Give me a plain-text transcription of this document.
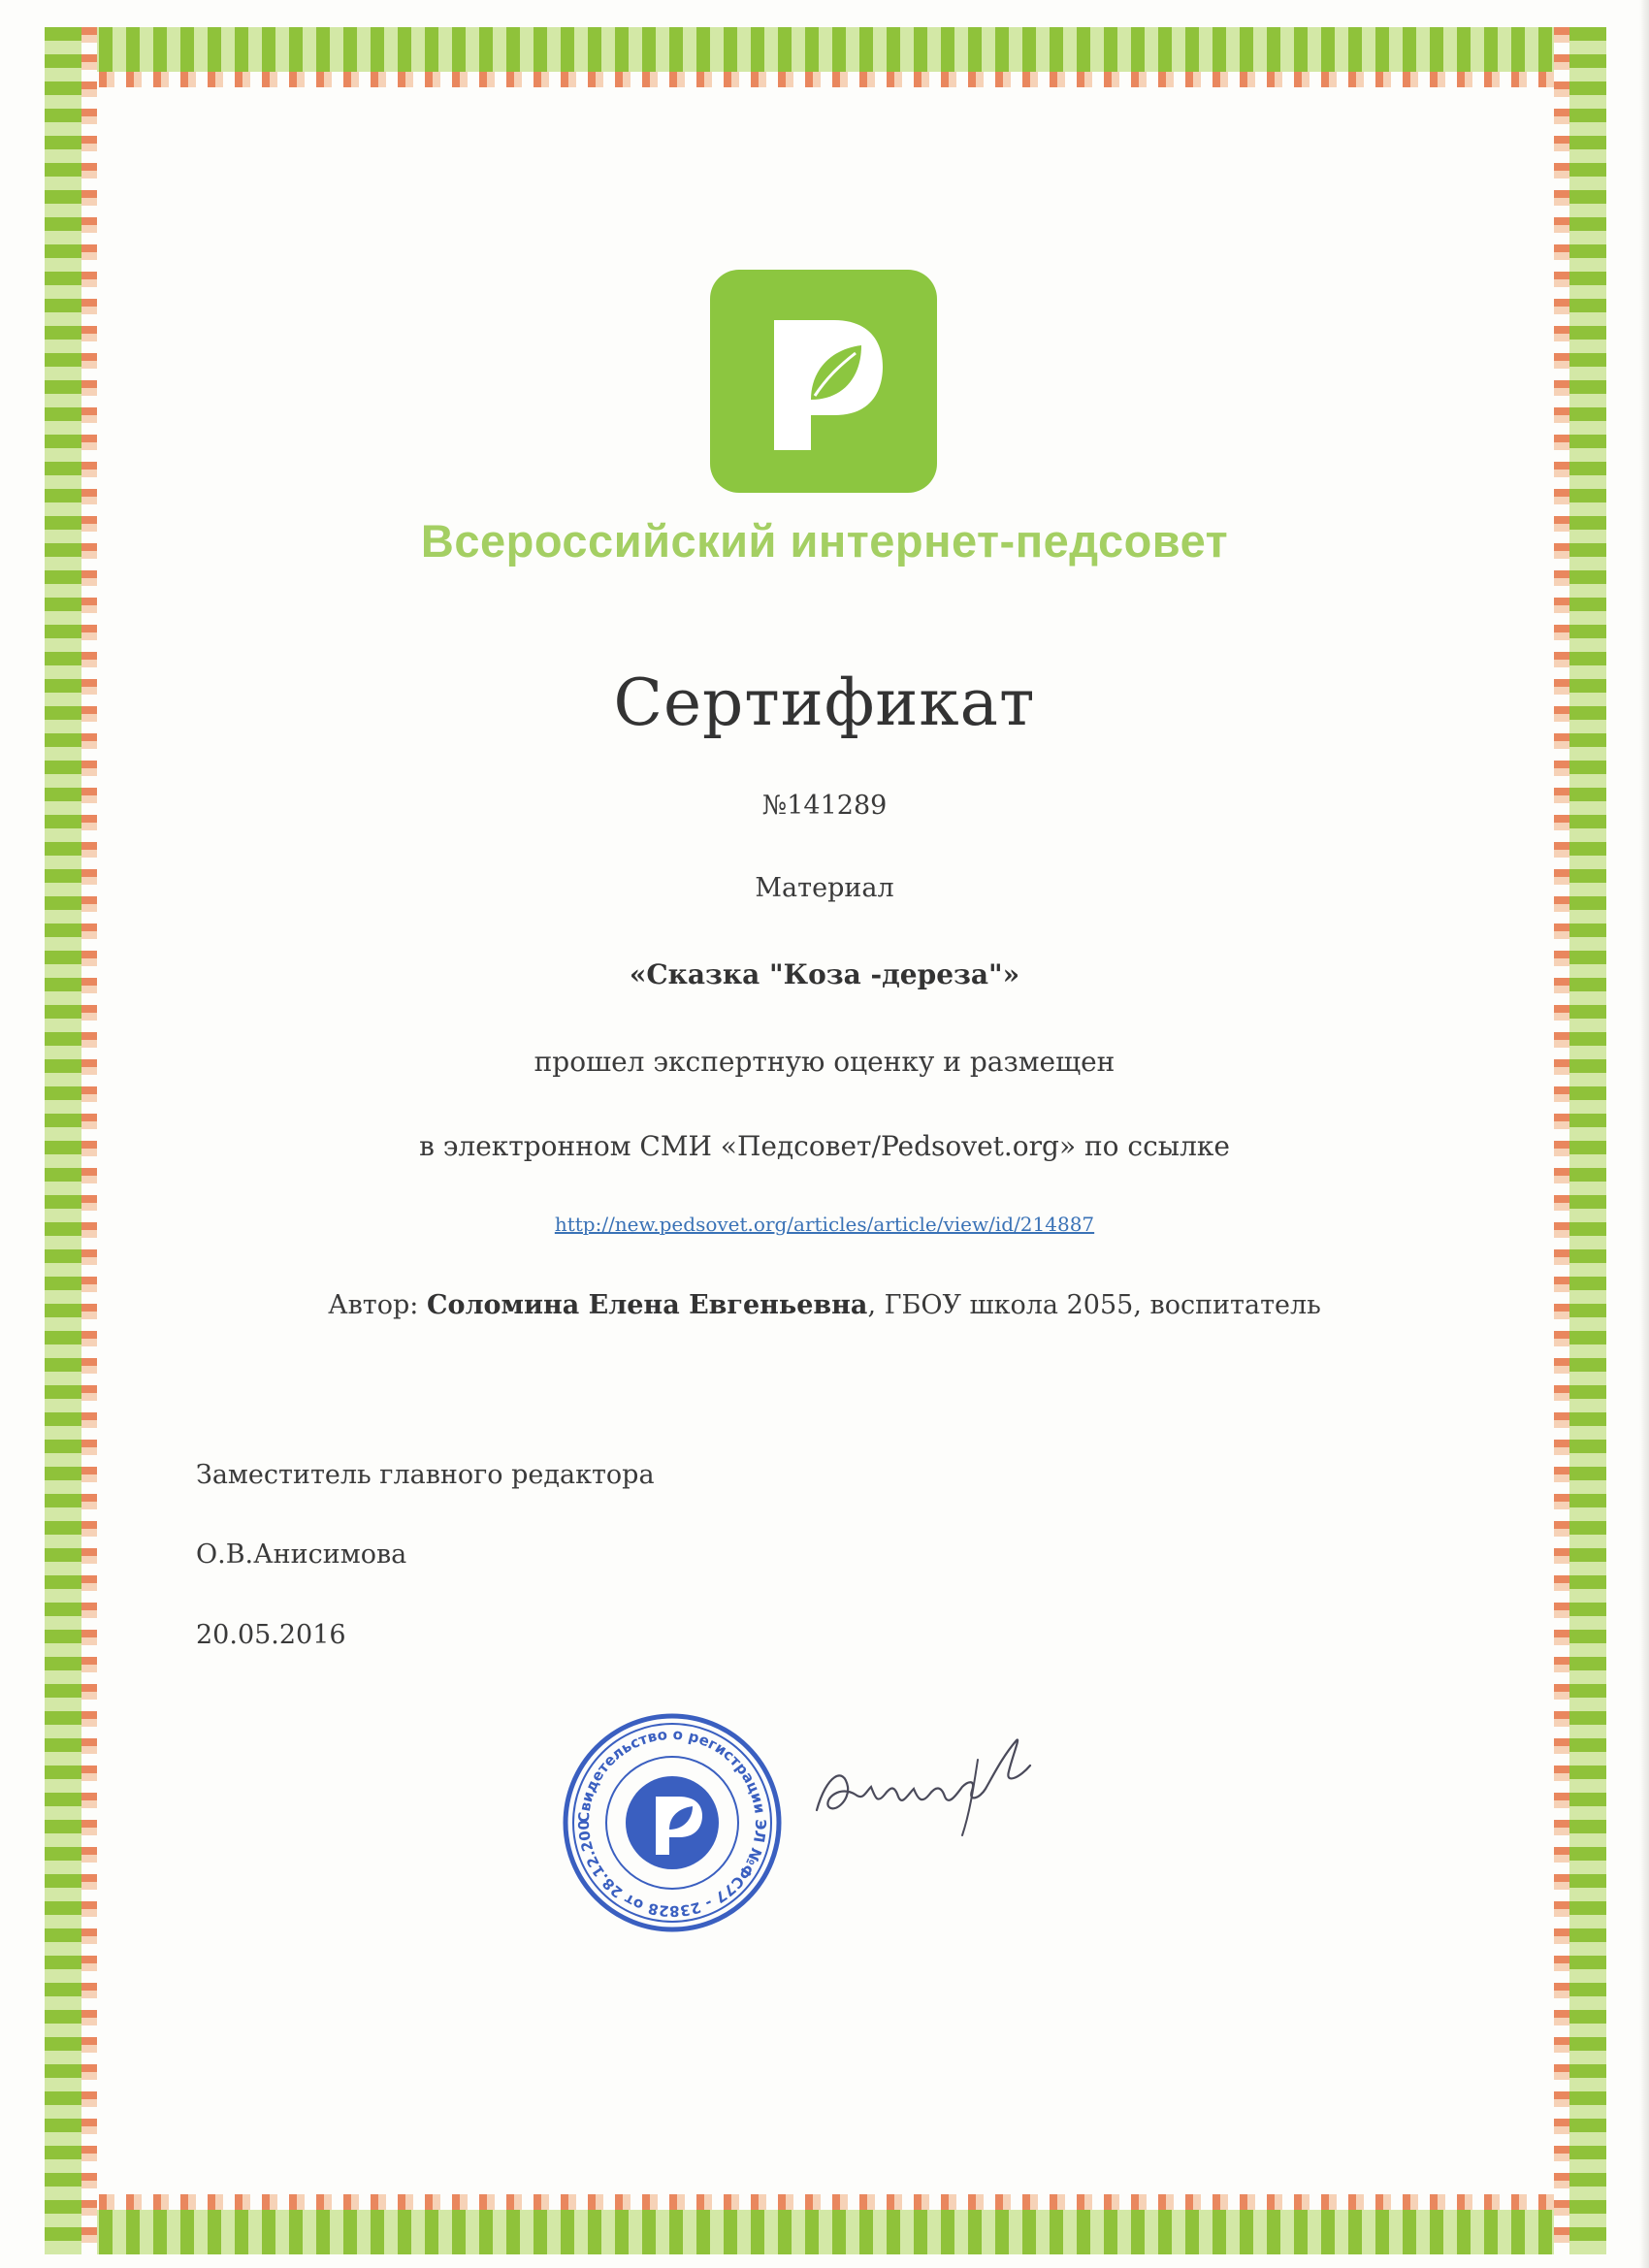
Всероссийский интернет-педсовет
Сертификат
№141289
Материал
«Сказка "Коза -дереза"»
прошел экспертную оценку и размещен
в электронном СМИ «Педсовет/Pedsovet.org» по ссылке
http://new.pedsovet.org/articles/article/view/id/214887
Автор: Соломина Елена Евгеньевна, ГБОУ школа 2055, воспитатель
Заместитель главного редактора
О.В.Анисимова
20.05.2016
Свидетельство о регистрации ЭЛ №ФС77 - 23828 от 28.12.200
